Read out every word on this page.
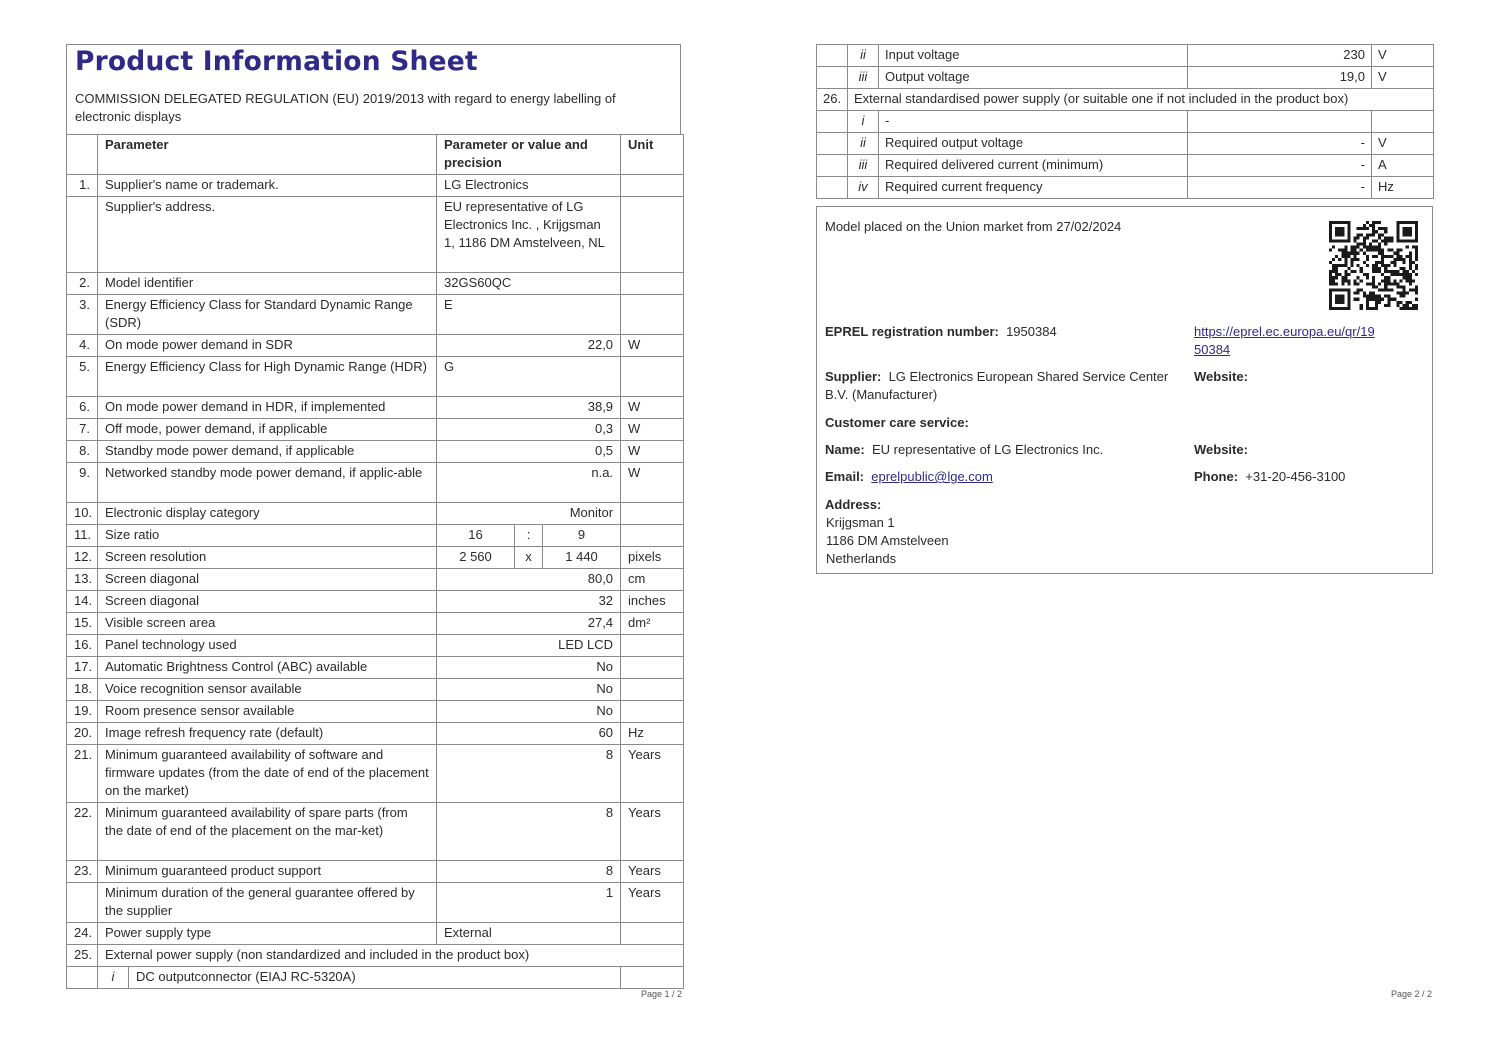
Product Information Sheet
COMMISSION DELEGATED REGULATION (EU) 2019/2013 with regard to energy labelling of electronic displays
	Parameter		Parameter or value and precision			Unit
1.	Supplier's name or trademark.		LG Electronics			
	Supplier's address.		EU representative of LG Electronics Inc. , Krijgsman 1, 1186 DM Amstelveen, NL			
2.	Model identifier		32GS60QC			
3.	Energy Efficiency Class for Standard Dynamic Range (SDR)		E			
4.	On mode power demand in SDR		22,0			W
5.	Energy Efficiency Class for High Dynamic Range (HDR)		G			
6.	On mode power demand in HDR, if implemented		38,9			W
7.	Off mode, power demand, if applicable		0,3			W
8.	Standby mode power demand, if applicable		0,5			W
9.	Networked standby mode power demand, if applic-able		n.a.			W
10.	Electronic display category		Monitor			
11.	Size ratio		16	:	9	
12.	Screen resolution		2 560	x	1 440	pixels
13.	Screen diagonal		80,0			cm
14.	Screen diagonal		32			inches
15.	Visible screen area		27,4			dm²
16.	Panel technology used		LED LCD			
17.	Automatic Brightness Control (ABC) available		No			
18.	Voice recognition sensor available		No			
19.	Room presence sensor available		No			
20.	Image refresh frequency rate (default)		60			Hz
21.	Minimum guaranteed availability of software and firmware updates (from the date of end of the placement on the market)		8			Years
22.	Minimum guaranteed availability of spare parts (from the date of end of the placement on the mar-ket)		8			Years
23.	Minimum guaranteed product support		8			Years
	Minimum duration of the general guarantee offered by the supplier		1			Years
24.	Power supply type		External			
25.	External power supply (non standardized and included in the product box)					
	i	DC outputconnector (EIAJ RC-5320A)				
Page 1 / 2
	ii	Input voltage	230	V
	iii	Output voltage	19,0	V
26.	External standardised power supply (or suitable one if not included in the product box)			
	i	-		
	ii	Required output voltage	-	V
	iii	Required delivered current (minimum)	-	A
	iv	Required current frequency	-	Hz
Model placed on the Union market from 27/02/2024
EPREL registration number: 1950384	https://eprel.ec.europa.eu/qr/19
50384
Supplier: LG Electronics European Shared Service Center
B.V. (Manufacturer)
Website:
Customer care service:
Name: EU representative of LG Electronics Inc.	Website:
Email: eprelpublic@lge.com	Phone: +31-20-456-3100
Address:
Krijgsman 1
1186 DM Amstelveen
Netherlands
Page 2 / 2
